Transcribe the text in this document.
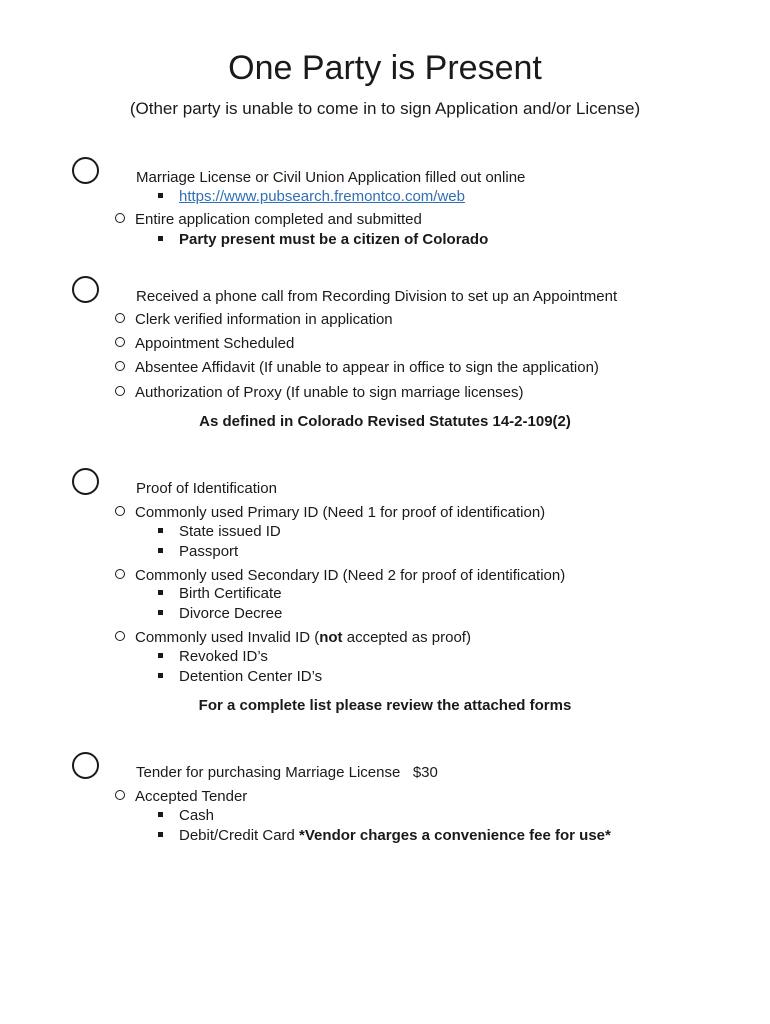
One Party is Present
(Other party is unable to come in to sign Application and/or License)
Marriage License or Civil Union Application filled out online
https://www.pubsearch.fremontco.com/web
Entire application completed and submitted
Party present must be a citizen of Colorado
Received a phone call from Recording Division to set up an Appointment
Clerk verified information in application
Appointment Scheduled
Absentee Affidavit (If unable to appear in office to sign the application)
Authorization of Proxy (If unable to sign marriage licenses)
As defined in Colorado Revised Statutes 14-2-109(2)
Proof of Identification
Commonly used Primary ID (Need 1 for proof of identification)
State issued ID
Passport
Commonly used Secondary ID (Need 2 for proof of identification)
Birth Certificate
Divorce Decree
Commonly used Invalid ID (not accepted as proof)
Revoked ID’s
Detention Center ID’s
For a complete list please review the attached forms
Tender for purchasing Marriage License $30
Accepted Tender
Cash
Debit/Credit Card *Vendor charges a convenience fee for use*
